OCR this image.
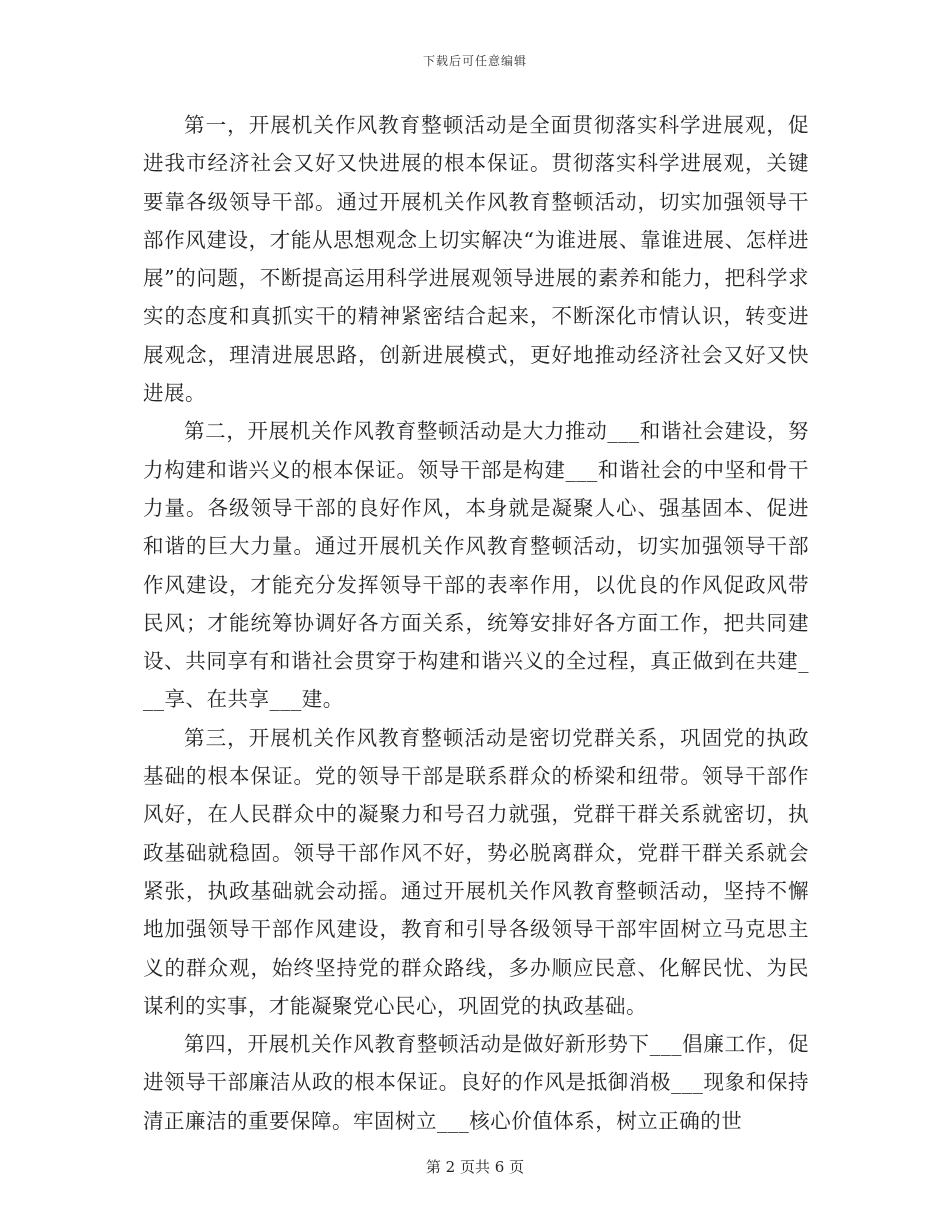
下载后可任意编辑

第一，开展机关作风教育整顿活动是全面贯彻落实科学进展观，促进我市经济社会又好又快进展的根本保证。贯彻落实科学进展观，关键要靠各级领导干部。通过开展机关作风教育整顿活动，切实加强领导干部作风建设，才能从思想观念上切实解决“为谁进展、靠谁进展、怎样进展”的问题，不断提高运用科学进展观领导进展的素养和能力，把科学求实的态度和真抓实干的精神紧密结合起来，不断深化市情认识，转变进展观念，理清进展思路，创新进展模式，更好地推动经济社会又好又快进展。

第二，开展机关作风教育整顿活动是大力推动___和谐社会建设，努力构建和谐兴义的根本保证。领导干部是构建___和谐社会的中坚和骨干力量。各级领导干部的良好作风，本身就是凝聚人心、强基固本、促进和谐的巨大力量。通过开展机关作风教育整顿活动，切实加强领导干部作风建设，才能充分发挥领导干部的表率作用，以优良的作风促政风带民风；才能统筹协调好各方面关系，统筹安排好各方面工作，把共同建设、共同享有和谐社会贯穿于构建和谐兴义的全过程，真正做到在共建___享、在共享___建。

第三，开展机关作风教育整顿活动是密切党群关系，巩固党的执政基础的根本保证。党的领导干部是联系群众的桥梁和纽带。领导干部作风好，在人民群众中的凝聚力和号召力就强，党群干群关系就密切，执政基础就稳固。领导干部作风不好，势必脱离群众，党群干群关系就会紧张，执政基础就会动摇。通过开展机关作风教育整顿活动，坚持不懈地加强领导干部作风建设，教育和引导各级领导干部牢固树立马克思主义的群众观，始终坚持党的群众路线，多办顺应民意、化解民忧、为民谋利的实事，才能凝聚党心民心，巩固党的执政基础。

第四，开展机关作风教育整顿活动是做好新形势下___倡廉工作，促进领导干部廉洁从政的根本保证。良好的作风是抵御消极___现象和保持清正廉洁的重要保障。牢固树立___核心价值体系，树立正确的世

第 2 页共 6 页
